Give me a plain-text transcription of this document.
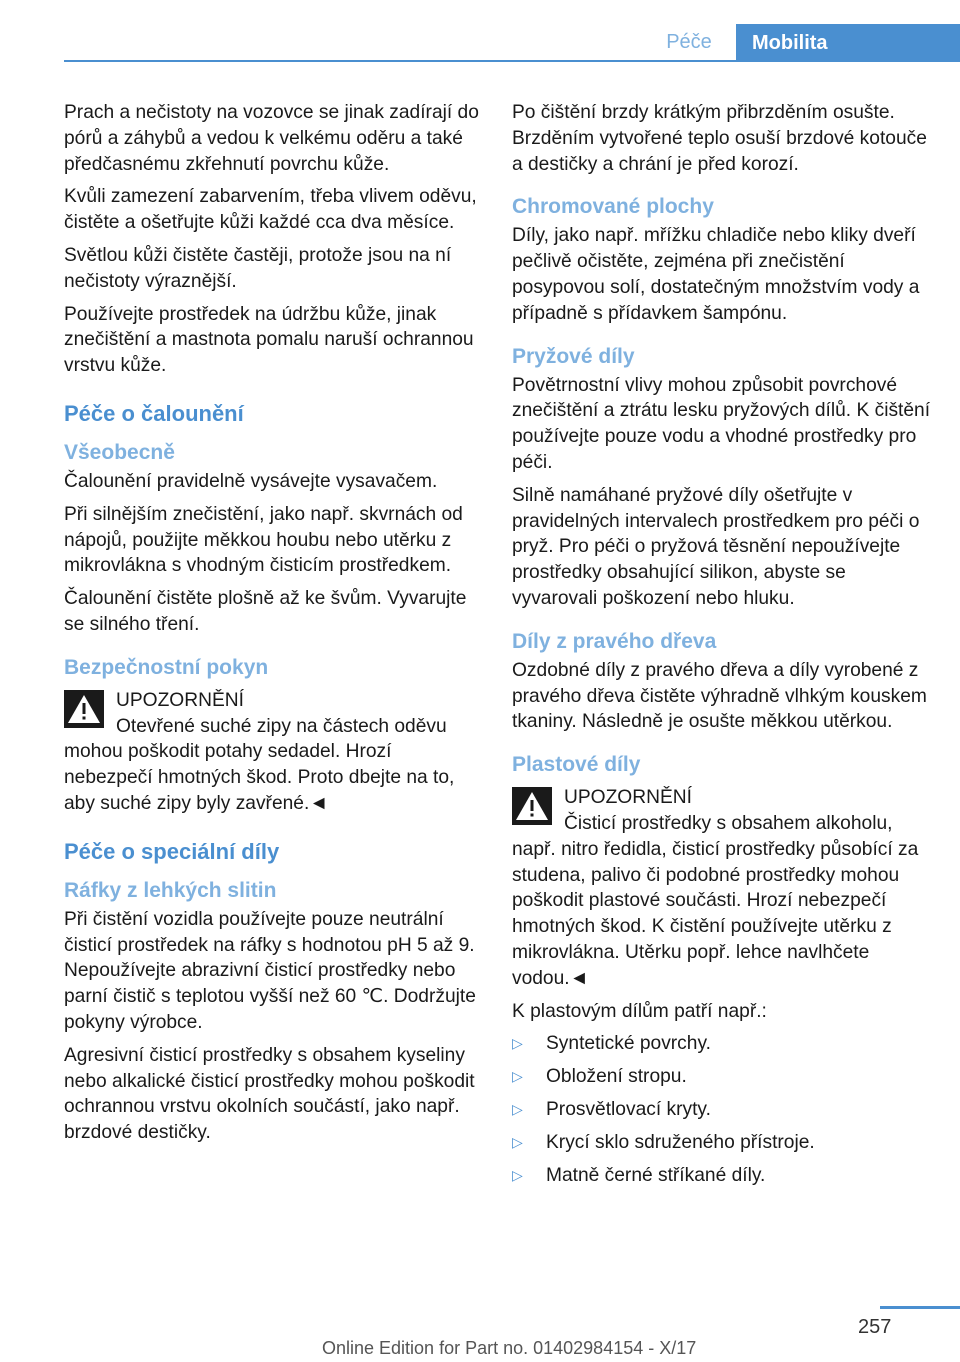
Péče	Mobilita

Prach a nečistoty na vozovce se jinak zadírají do pórů a záhybů a vedou k velkému oděru a také předčasnému zkřehnutí povrchu kůže.

Kvůli zamezení zabarvením, třeba vlivem oděvu, čistěte a ošetřujte kůži každé cca dva měsíce.

Světlou kůži čistěte častěji, protože jsou na ní nečistoty výraznější.

Používejte prostředek na údržbu kůže, jinak znečištění a mastnota pomalu naruší ochrannou vrstvu kůže.

Péče o čalounění
Všeobecně

Čalounění pravidelně vysávejte vysavačem.

Při silnějším znečistění, jako např. skvrnách od nápojů, použijte měkkou houbu nebo utěrku z mikrovlákna s vhodným čisticím prostředkem.

Čalounění čistěte plošně až ke švům. Vyvarujte se silného tření.

Bezpečnostní pokyn
UPOZORNĚNÍ
Otevřené suché zipy na částech oděvu
mohou poškodit potahy sedadel. Hrozí nebezpečí hmotných škod. Proto dbejte na to, aby suché zipy byly zavřené.◄
Péče o speciální díly
Ráfky z lehkých slitin

Při čistění vozidla používejte pouze neutrální čisticí prostředek na ráfky s hodnotou pH 5 až 9. Nepoužívejte abrazivní čisticí prostředky nebo parní čistič s teplotou vyšší než 60 ℃. Dodržujte pokyny výrobce.

Agresivní čisticí prostředky s obsahem kyseliny nebo alkalické čisticí prostředky mohou poškodit ochrannou vrstvu okolních součástí, jako např. brzdové destičky.

Po čištění brzdy krátkým přibrzděním osušte. Brzděním vytvořené teplo osuší brzdové kotouče a destičky a chrání je před korozí.

Chromované plochy

Díly, jako např. mřížku chladiče nebo kliky dveří pečlivě očistěte, zejména při znečistění posypovou solí, dostatečným množstvím vody a případně s přídavkem šampónu.

Pryžové díly

Povětrnostní vlivy mohou způsobit povrchové znečištění a ztrátu lesku pryžových dílů. K čištění používejte pouze vodu a vhodné prostředky pro péči.

Silně namáhané pryžové díly ošetřujte v pravidelných intervalech prostředkem pro péči o pryž. Pro péči o pryžová těsnění nepoužívejte prostředky obsahující silikon, abyste se vyvarovali poškození nebo hluku.

Díly z pravého dřeva

Ozdobné díly z pravého dřeva a díly vyrobené z pravého dřeva čistěte výhradně vlhkým kouskem tkaniny. Následně je osušte měkkou utěrkou.

Plastové díly
UPOZORNĚNÍ
Čisticí prostředky s obsahem alkoholu,
např. nitro ředidla, čisticí prostředky působící za studena, palivo či podobné prostředky mohou poškodit plastové součásti. Hrozí nebezpečí hmotných škod. K čistění používejte utěrku z mikrovlákna. Utěrku popř. lehce navlhčete vodou.◄

K plastovým dílům patří např.:

▷	Syntetické povrchy.
▷	Obložení stropu.
▷	Prosvětlovací kryty.
▷	Krycí sklo sdruženého přístroje.
▷	Matně černé stříkané díly.
257
Online Edition for Part no. 01402984154 - X/17
